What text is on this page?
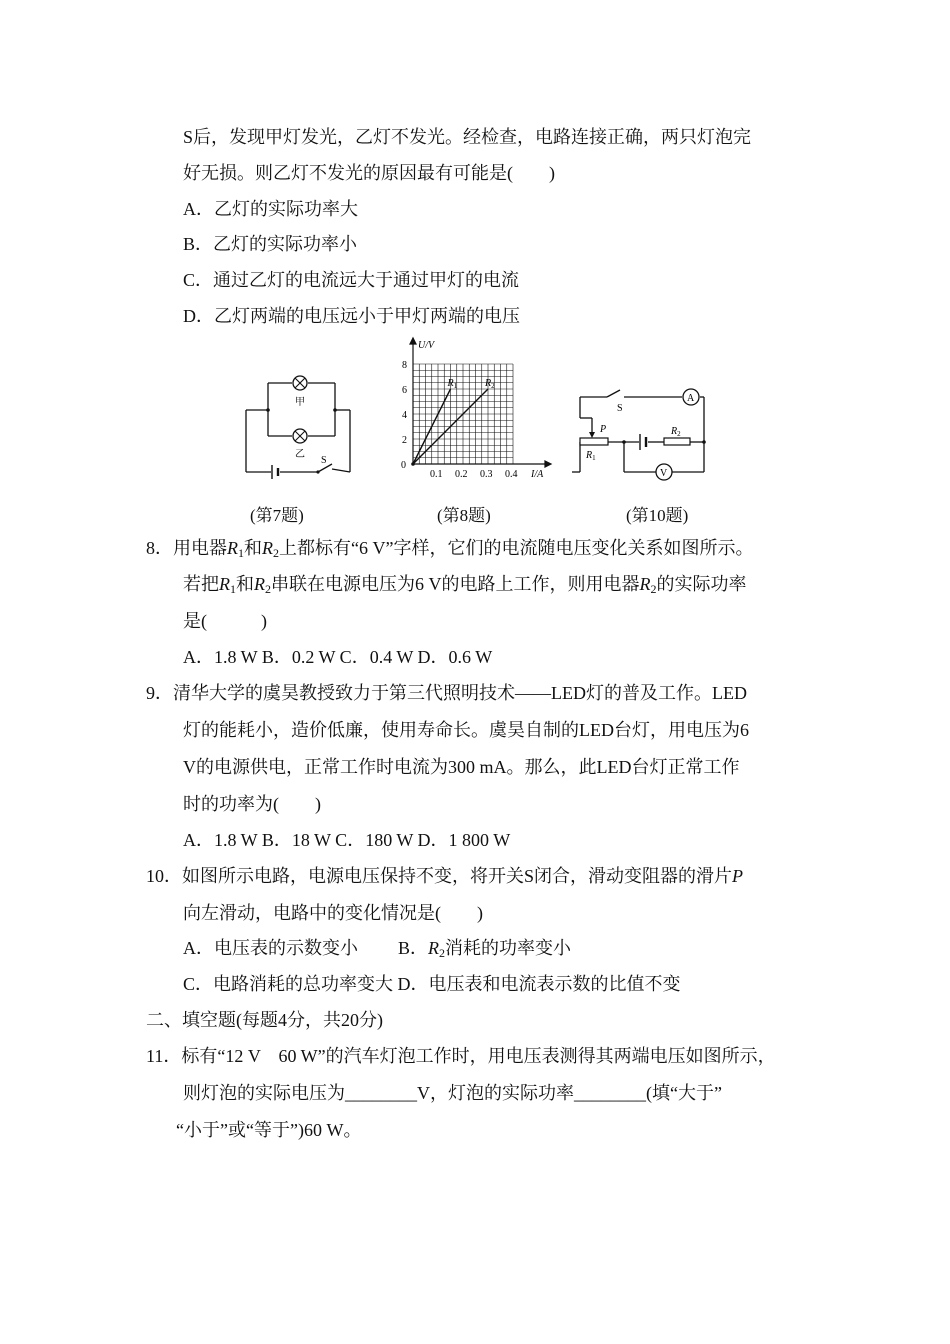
S后，发现甲灯发光，乙灯不发光。经检查，电路连接正确，两只灯泡完
好无损。则乙灯不发光的原因最有可能是(　　)
A．乙灯的实际功率大
B．乙灯的实际功率小
C．通过乙灯的电流远大于通过甲灯的电流
D．乙灯两端的电压远小于甲灯两端的电压
甲
乙
S
0.1 0.2 0.3 0.4
0
2
4
6
8
$R_1$	$R_2$
U/V
I/A
A
V
S
P
$R_1$
$R_2$
(第7题)	(第8题)	(第10题)
8．用电器$R_1$和$R_2$上都标有“6 V”字样，它们的电流随电压变化关系如图所示。
若把$R_1$和$R_2$串联在电源电压为6 V的电路上工作，则用电器$R_2$的实际功率
是(　　　)
A．1.8 W B．0.2 W C．0.4 W D．0.6 W
9．清华大学的虞昊教授致力于第三代照明技术——LED灯的普及工作。LED
灯的能耗小，造价低廉，使用寿命长。虞昊自制的LED台灯，用电压为6
V的电源供电，正常工作时电流为300 mA。那么，此LED台灯正常工作
时的功率为(　　)
A．1.8 W B．18 W C．180 W D．1 800 W
10．如图所示电路，电源电压保持不变，将开关S闭合，滑动变阻器的滑片P
向左滑动，电路中的变化情况是(　　)
A．电压表的示数变小 B．$R_2$消耗的功率变小
C．电路消耗的总功率变大 D．电压表和电流表示数的比值不变
二、填空题(每题4分，共20分)
11．标有“12 V　60 W”的汽车灯泡工作时，用电压表测得其两端电压如图所示，
则灯泡的实际电压为________V，灯泡的实际功率________(填“大于”
“小于”或“等于”)60 W。
